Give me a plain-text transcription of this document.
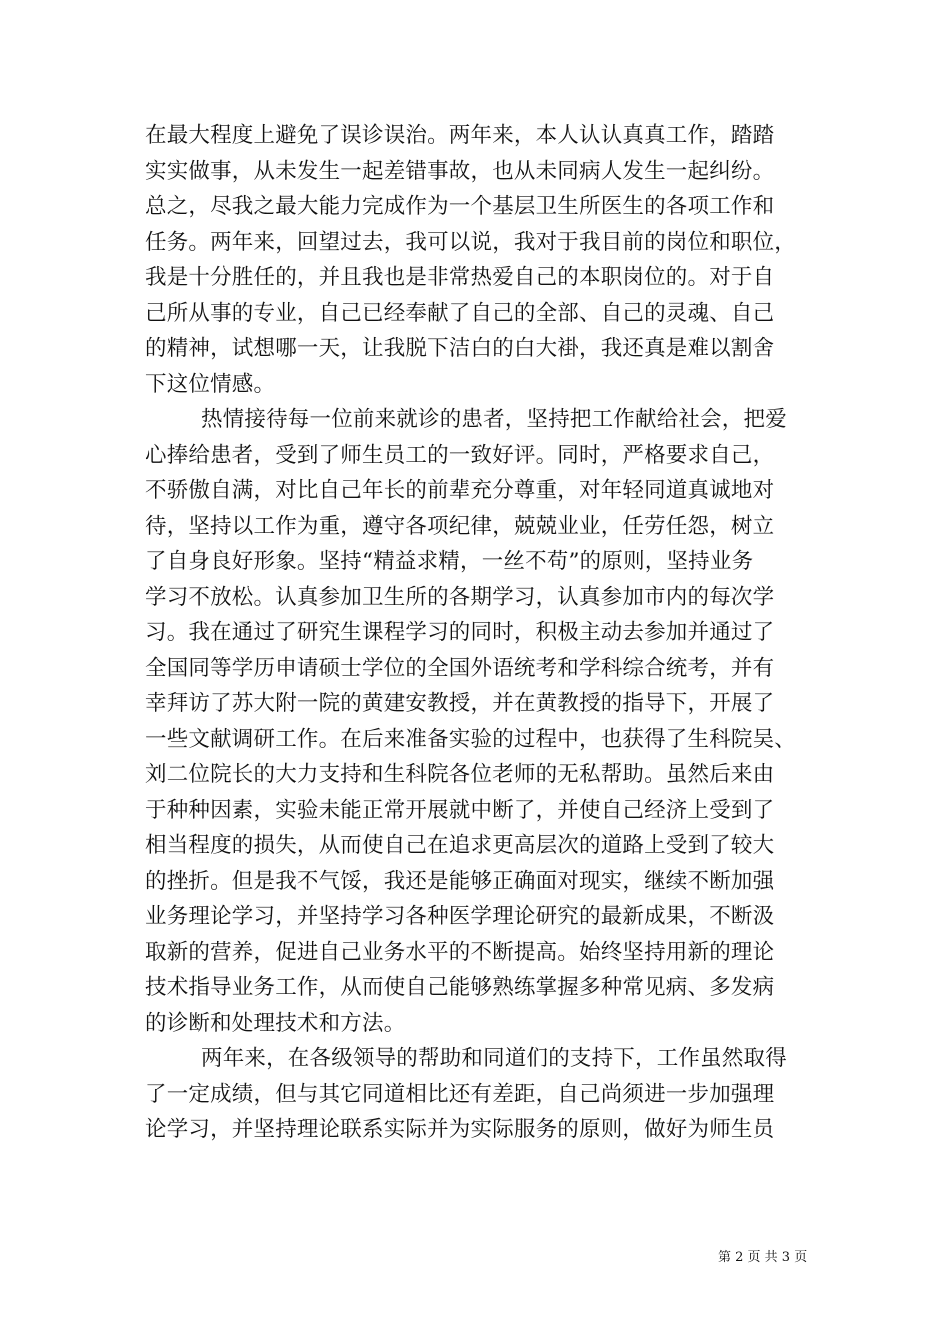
在最大程度上避免了误诊误治。两年来，本人认认真真工作，踏踏
实实做事，从未发生一起差错事故，也从未同病人发生一起纠纷。
总之，尽我之最大能力完成作为一个基层卫生所医生的各项工作和
任务。两年来，回望过去，我可以说，我对于我目前的岗位和职位，
我是十分胜任的，并且我也是非常热爱自己的本职岗位的。对于自
己所从事的专业，自己已经奉献了自己的全部、自己的灵魂、自己
的精神，试想哪一天，让我脱下洁白的白大褂，我还真是难以割舍
下这位情感。
热情接待每一位前来就诊的患者，坚持把工作献给社会，把爱
心捧给患者，受到了师生员工的一致好评。同时，严格要求自己，
不骄傲自满，对比自己年长的前辈充分尊重，对年轻同道真诚地对
待，坚持以工作为重，遵守各项纪律，兢兢业业，任劳任怨，树立
了自身良好形象。坚持“精益求精，一丝不苟”的原则，坚持业务
学习不放松。认真参加卫生所的各期学习，认真参加市内的每次学
习。我在通过了研究生课程学习的同时，积极主动去参加并通过了
全国同等学历申请硕士学位的全国外语统考和学科综合统考，并有
幸拜访了苏大附一院的黄建安教授，并在黄教授的指导下，开展了
一些文献调研工作。在后来准备实验的过程中，也获得了生科院吴、
刘二位院长的大力支持和生科院各位老师的无私帮助。虽然后来由
于种种因素，实验未能正常开展就中断了，并使自己经济上受到了
相当程度的损失，从而使自己在追求更高层次的道路上受到了较大
的挫折。但是我不气馁，我还是能够正确面对现实，继续不断加强
业务理论学习，并坚持学习各种医学理论研究的最新成果，不断汲
取新的营养，促进自己业务水平的不断提高。始终坚持用新的理论
技术指导业务工作，从而使自己能够熟练掌握多种常见病、多发病
的诊断和处理技术和方法。
两年来，在各级领导的帮助和同道们的支持下，工作虽然取得
了一定成绩，但与其它同道相比还有差距，自己尚须进一步加强理
论学习，并坚持理论联系实际并为实际服务的原则，做好为师生员
第 2 页 共 3 页
